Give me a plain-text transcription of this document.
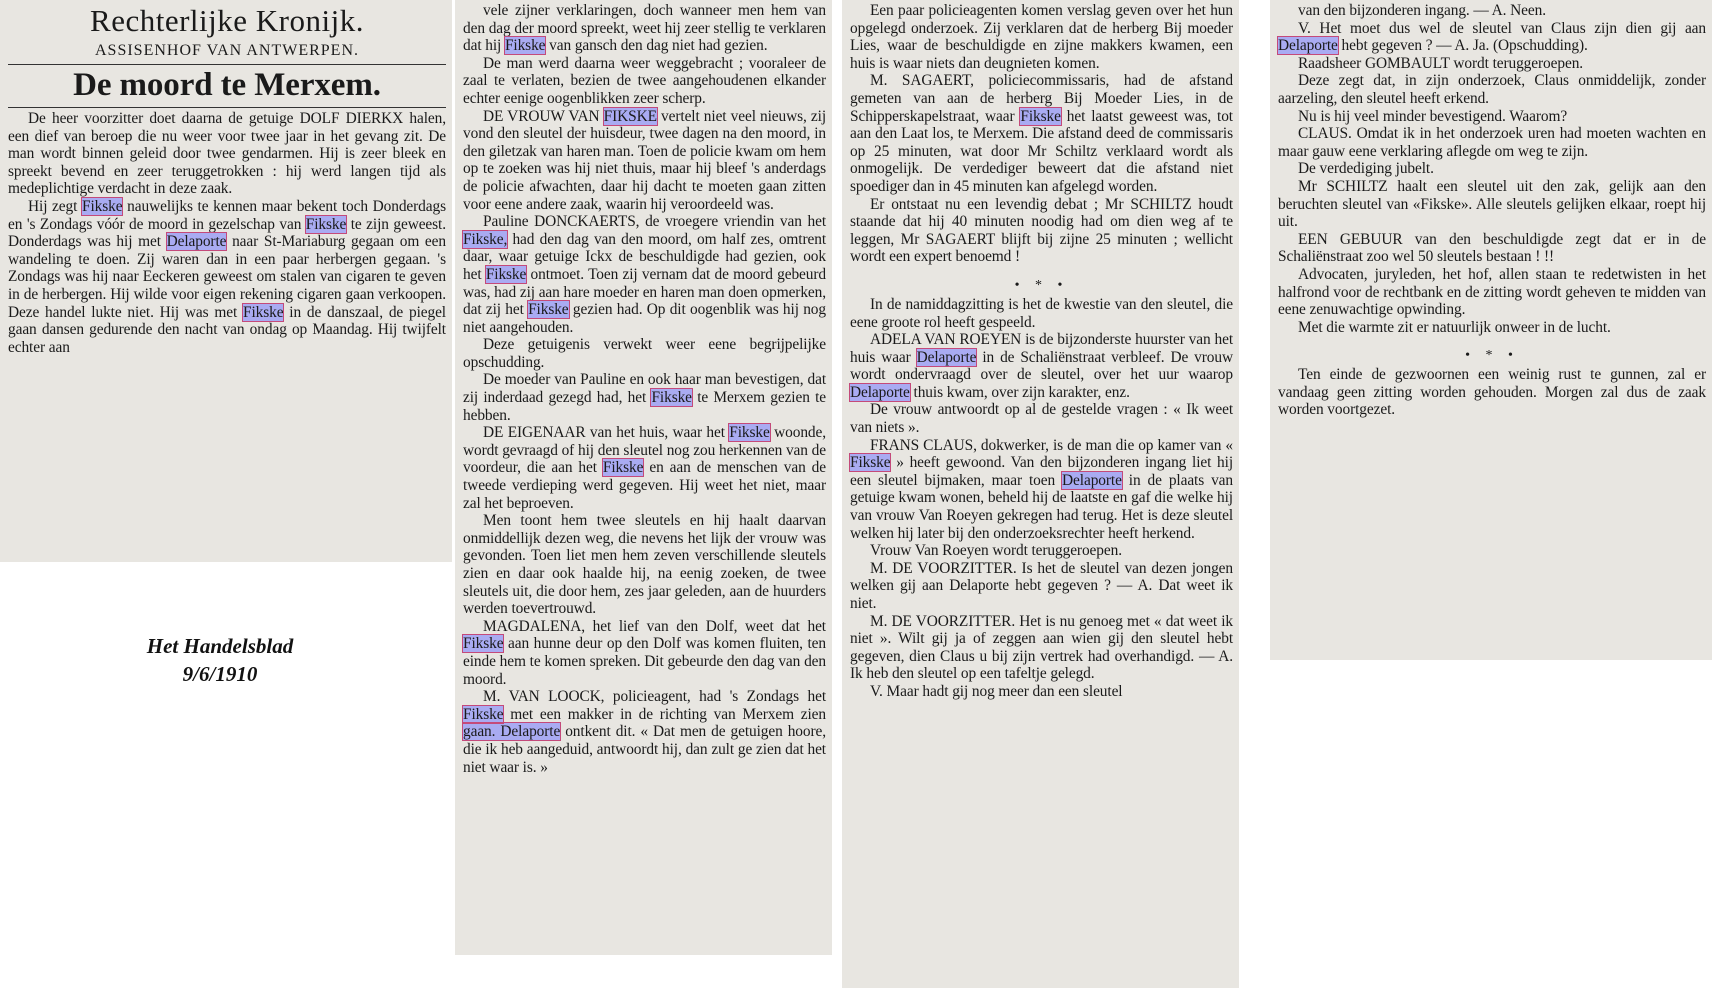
Rechterlijke Kronijk.
ASSISENHOF VAN ANTWERPEN.
De moord te Merxem.

De heer voorzitter doet daarna de getuige DOLF DIERKX halen, een dief van beroep die nu weer voor twee jaar in het gevang zit. De man wordt binnen geleid door twee gendarmen. Hij is zeer bleek en spreekt bevend en zeer teruggetrokken : hij werd langen tijd als medeplichtige verdacht in deze zaak.

Hij zegt Fikske nauwelijks te kennen maar bekent toch Donderdags en 's Zondags vóór de moord in gezelschap van Fikske te zijn geweest. Donderdags was hij met Delaporte naar St-Mariaburg gegaan om een wandeling te doen. Zij waren dan in een paar herbergen gegaan. 's Zondags was hij naar Eeckeren geweest om stalen van cigaren te geven in de herbergen. Hij wilde voor eigen rekening cigaren gaan verkoopen. Deze handel lukte niet. Hij was met Fikske in de danszaal, de piegel gaan dansen gedurende den nacht van ondag op Maandag. Hij twijfelt echter aan

vele zijner verklaringen, doch wanneer men hem van den dag der moord spreekt, weet hij zeer stellig te verklaren dat hij Fikske van gansch den dag niet had gezien.

De man werd daarna weer weggebracht ; vooraleer de zaal te verlaten, bezien de twee aangehoudenen elkander echter eenige oogenblikken zeer scherp.

DE VROUW VAN FIKSKE vertelt niet veel nieuws, zij vond den sleutel der huisdeur, twee dagen na den moord, in den giletzak van haren man. Toen de policie kwam om hem op te zoeken was hij niet thuis, maar hij bleef 's anderdags de policie afwachten, daar hij dacht te moeten gaan zitten voor eene andere zaak, waarin hij veroordeeld was.

Pauline DONCKAERTS, de vroegere vriendin van het Fikske, had den dag van den moord, om half zes, omtrent daar, waar getuige Ickx de beschuldigde had gezien, ook het Fikske ontmoet. Toen zij vernam dat de moord gebeurd was, had zij aan hare moeder en haren man doen opmerken, dat zij het Fikske gezien had. Op dit oogenblik was hij nog niet aangehouden.

Deze getuigenis verwekt weer eene begrijpelijke opschudding.

De moeder van Pauline en ook haar man bevestigen, dat zij inderdaad gezegd had, het Fikske te Merxem gezien te hebben.

DE EIGENAAR van het huis, waar het Fikske woonde, wordt gevraagd of hij den sleutel nog zou herkennen van de voordeur, die aan het Fikske en aan de menschen van de tweede verdieping werd gegeven. Hij weet het niet, maar zal het beproeven.

Men toont hem twee sleutels en hij haalt daarvan onmiddellijk dezen weg, die nevens het lijk der vrouw was gevonden. Toen liet men hem zeven verschillende sleutels zien en daar ook haalde hij, na eenig zoeken, de twee sleutels uit, die door hem, zes jaar geleden, aan de huurders werden toevertrouwd.

MAGDALENA, het lief van den Dolf, weet dat het Fikske aan hunne deur op den Dolf was komen fluiten, ten einde hem te komen spreken. Dit gebeurde den dag van den moord.

M. VAN LOOCK, policieagent, had 's Zondags het Fikske met een makker in de richting van Merxem zien gaan. Delaporte ontkent dit. « Dat men de getuigen hoore, die ik heb aangeduid, antwoordt hij, dan zult ge zien dat het niet waar is. »

Een paar policieagenten komen verslag geven over het hun opgelegd onderzoek. Zij verklaren dat de herberg Bij moeder Lies, waar de beschuldigde en zijne makkers kwamen, een huis is waar niets dan deugnieten komen.

M. SAGAERT, policiecommissaris, had de afstand gemeten van aan de herberg Bij Moeder Lies, in de Schipperskapelstraat, waar Fikske het laatst geweest was, tot aan den Laat los, te Merxem. Die afstand deed de commissaris op 25 minuten, wat door Mr Schiltz verklaard wordt als onmogelijk. De verdediger beweert dat die afstand niet spoediger dan in 45 minuten kan afgelegd worden.

Er ontstaat nu een levendig debat ; Mr SCHILTZ houdt staande dat hij 40 minuten noodig had om dien weg af te leggen, Mr SAGAERT blijft bij zijne 25 minuten ; wellicht wordt een expert benoemd !

• * •

In de namiddagzitting is het de kwestie van den sleutel, die eene groote rol heeft gespeeld.

ADELA VAN ROEYEN is de bijzonderste huurster van het huis waar Delaporte in de Schaliënstraat verbleef. De vrouw wordt ondervraagd over de sleutel, over het uur waarop Delaporte thuis kwam, over zijn karakter, enz.

De vrouw antwoordt op al de gestelde vragen : « Ik weet van niets ».

FRANS CLAUS, dokwerker, is de man die op kamer van « Fikske » heeft gewoond. Van den bijzonderen ingang liet hij een sleutel bijmaken, maar toen Delaporte in de plaats van getuige kwam wonen, beheld hij de laatste en gaf die welke hij van vrouw Van Roeyen gekregen had terug. Het is deze sleutel welken hij later bij den onderzoeksrechter heeft herkend.

Vrouw Van Roeyen wordt teruggeroepen.

M. DE VOORZITTER. Is het de sleutel van dezen jongen welken gij aan Delaporte hebt gegeven ? — A. Dat weet ik niet.

M. DE VOORZITTER. Het is nu genoeg met « dat weet ik niet ». Wilt gij ja of zeggen aan wien gij den sleutel hebt gegeven, dien Claus u bij zijn vertrek had overhandigd. — A. Ik heb den sleutel op een tafeltje gelegd.

V. Maar hadt gij nog meer dan een sleutel

van den bijzonderen ingang. — A. Neen.

V. Het moet dus wel de sleutel van Claus zijn dien gij aan Delaporte hebt gegeven ? — A. Ja. (Opschudding).

Raadsheer GOMBAULT wordt teruggeroepen.

Deze zegt dat, in zijn onderzoek, Claus onmiddelijk, zonder aarzeling, den sleutel heeft erkend.

Nu is hij veel minder bevestigend. Waarom?

CLAUS. Omdat ik in het onderzoek uren had moeten wachten en maar gauw eene verklaring aflegde om weg te zijn.

De verdediging jubelt.

Mr SCHILTZ haalt een sleutel uit den zak, gelijk aan den beruchten sleutel van «Fikske». Alle sleutels gelijken elkaar, roept hij uit.

EEN GEBUUR van den beschuldigde zegt dat er in de Schaliënstraat zoo wel 50 sleutels bestaan ! !!

Advocaten, juryleden, het hof, allen staan te redetwisten in het halfrond voor de rechtbank en de zitting wordt geheven te midden van eene zenuwachtige opwinding.

Met die warmte zit er natuurlijk onweer in de lucht.

• * •

Ten einde de gezwoornen een weinig rust te gunnen, zal er vandaag geen zitting worden gehouden. Morgen zal dus de zaak worden voortgezet.

Het Handelsblad
9/6/1910
